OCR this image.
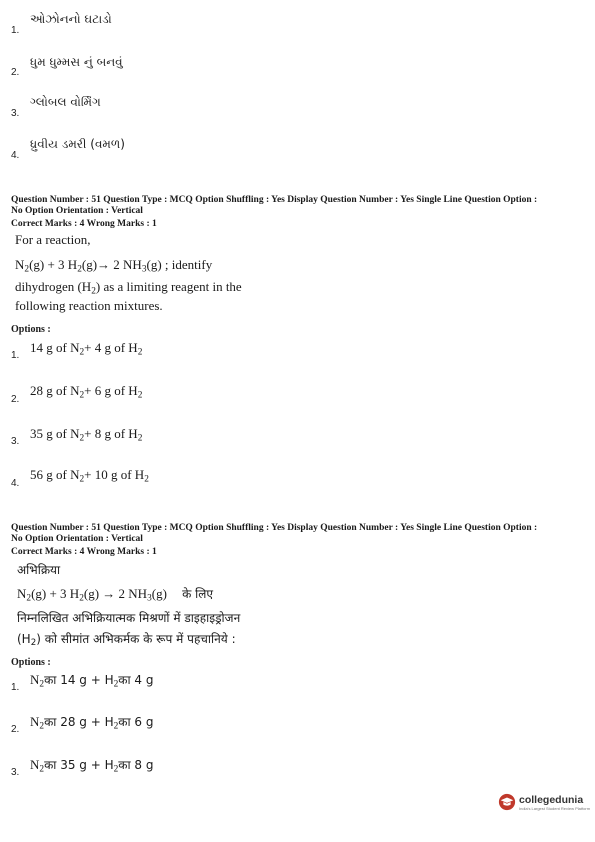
1.
ઓઝોનનો ઘટાડો
2.
ધુમ ધુમ્મસ નું બનવું
3.
ગ્લોબલ વોર્મિંગ
4.
ધ્રુવીય ડમરી (વમળ)
Question Number : 51 Question Type : MCQ Option Shuffling : Yes Display Question Number : Yes Single Line Question Option :
No Option Orientation : Vertical
Correct Marks : 4 Wrong Marks : 1
For a reaction,
$N_2(g) + 3$ $H_2(g)\to 2$ $NH_3(g)$ ; identify
dihydrogen $(H_2)$ as a limiting reagent in the
following reaction mixtures.
Options :
1.
14 g of $N_2+ 4$ g of $H_2$
2.
28 g of $N_2+ 6$ g of $H_2$
3.
35 g of $N_2+ 8$ g of $H_2$
4.
56 g of $N_2+ 10$ g of $H_2$
Question Number : 51 Question Type : MCQ Option Shuffling : Yes Display Question Number : Yes Single Line Question Option :
No Option Orientation : Vertical
Correct Marks : 4 Wrong Marks : 1
अभिक्रिया
$N_2(g) + 3$ $H_2(g) \to 2$ $NH_3(g)$ के लिए
निम्नलिखित अभिक्रियात्मक मिश्रणों में डाइहाइड्रोजन
$(H_2)$ को सीमांत अभिकर्मक के रूप में पहचानिये :
Options :
1.
$N_2का$ 14 $g + H_2का$ 4 g
2.
$N_2का$ 28 $g + H_2का$ 6 g
3.
$N_2का$ 35 $g + H_2का$ 8 g
collegedunia
India's Largest Student Review Platform
